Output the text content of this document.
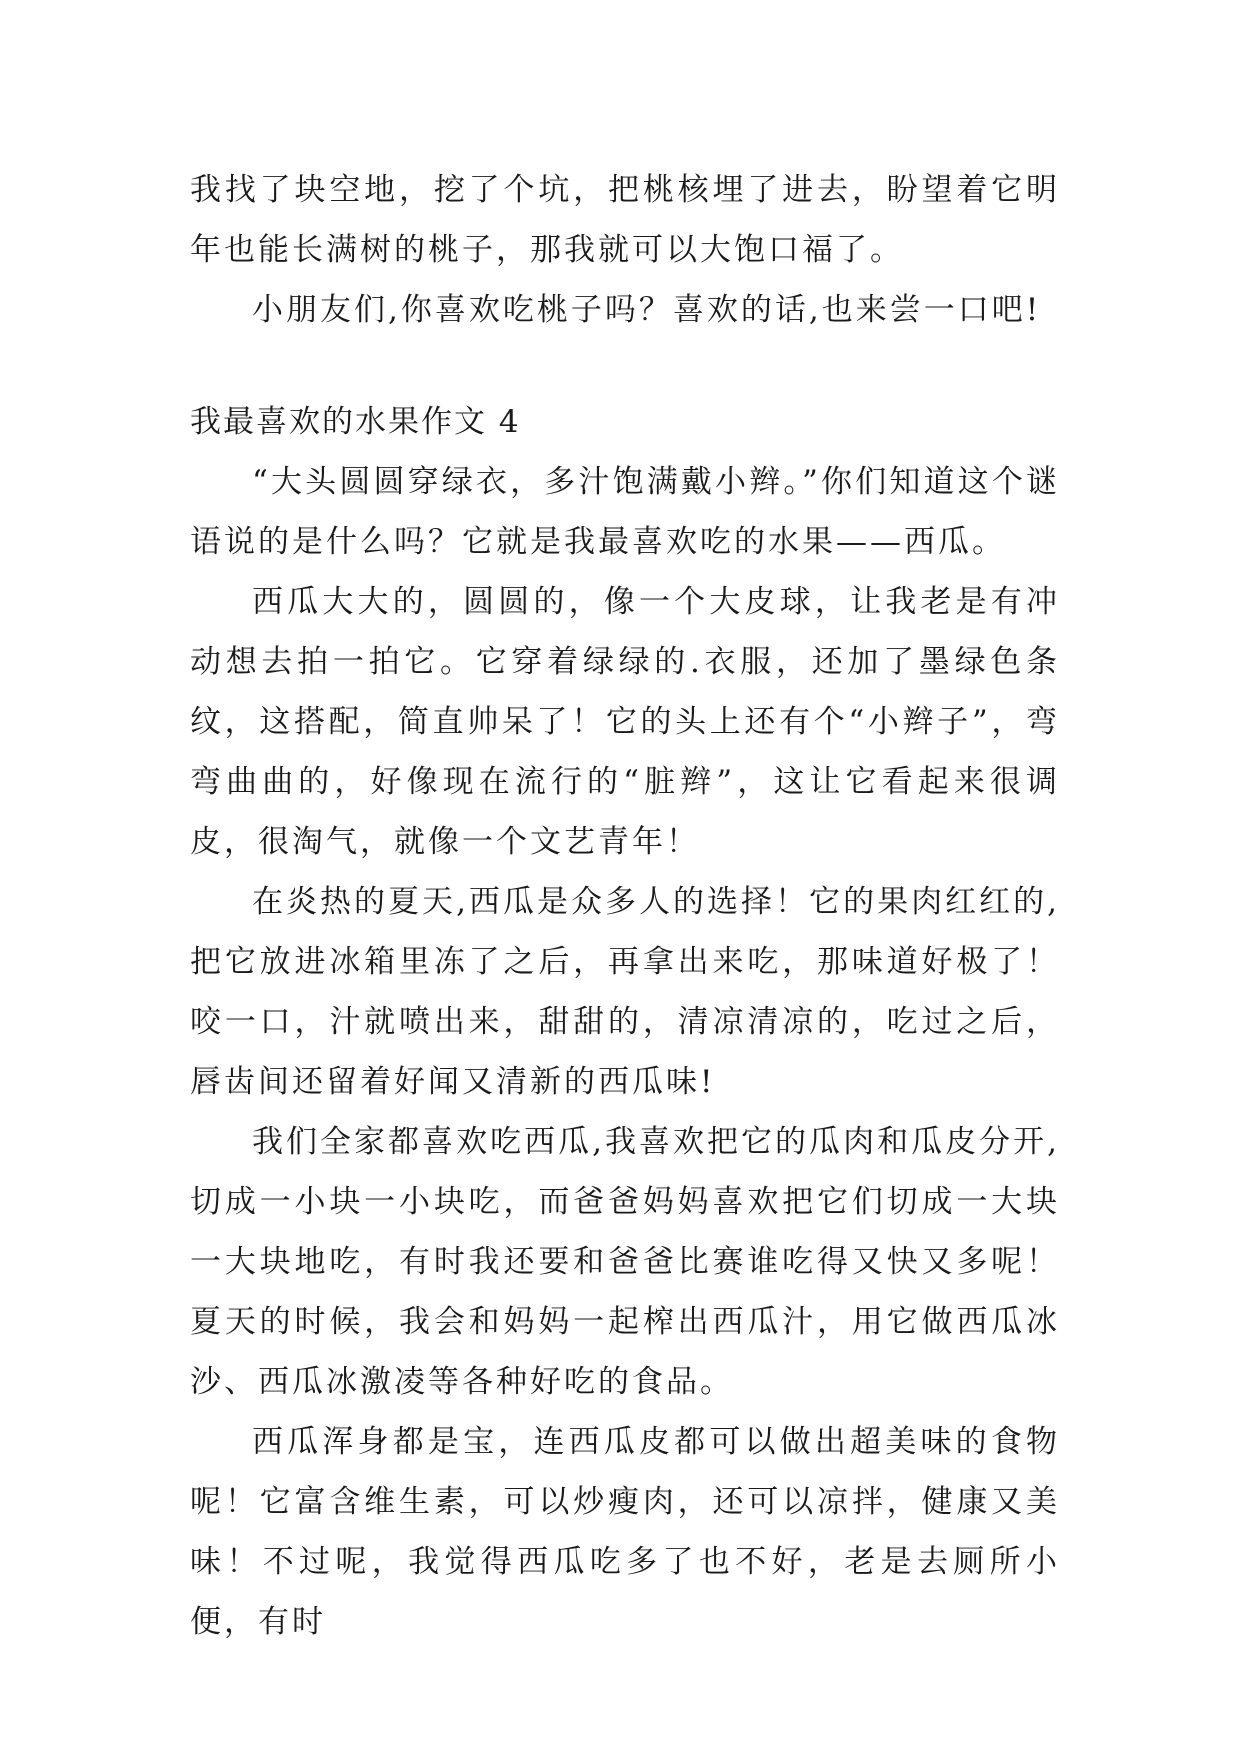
我找了块空地，挖了个坑，把桃核埋了进去，盼望着它明年也能长满树的桃子，那我就可以大饱口福了。

小朋友们,你喜欢吃桃子吗？喜欢的话,也来尝一口吧!

我最喜欢的水果作文 4

“大头圆圆穿绿衣，多汁饱满戴小辫。”你们知道这个谜语说的是什么吗？它就是我最喜欢吃的水果——西瓜。

西瓜大大的，圆圆的，像一个大皮球，让我老是有冲动想去拍一拍它。它穿着绿绿的.衣服，还加了墨绿色条纹，这搭配，简直帅呆了！它的头上还有个“小辫子”，弯弯曲曲的，好像现在流行的“脏辫”，这让它看起来很调皮，很淘气，就像一个文艺青年！

在炎热的夏天,西瓜是众多人的选择！它的果肉红红的,把它放进冰箱里冻了之后，再拿出来吃，那味道好极了！咬一口，汁就喷出来，甜甜的，清凉清凉的，吃过之后，唇齿间还留着好闻又清新的西瓜味!

我们全家都喜欢吃西瓜,我喜欢把它的瓜肉和瓜皮分开,切成一小块一小块吃，而爸爸妈妈喜欢把它们切成一大块一大块地吃，有时我还要和爸爸比赛谁吃得又快又多呢！夏天的时候，我会和妈妈一起榨出西瓜汁，用它做西瓜冰沙、西瓜冰激凌等各种好吃的食品。

西瓜浑身都是宝，连西瓜皮都可以做出超美味的食物呢！它富含维生素，可以炒瘦肉，还可以凉拌，健康又美味！不过呢，我觉得西瓜吃多了也不好，老是去厕所小便，有时
